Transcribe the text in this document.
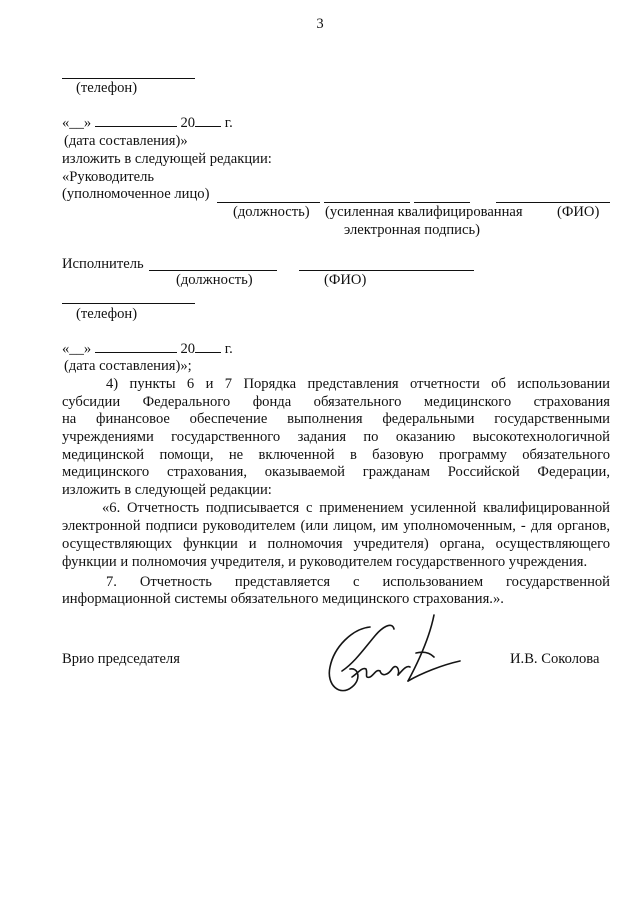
3
(телефон)
«__»	20 г.
(дата составления)»
изложить в следующей редакции:
«Руководитель
(уполномоченное лицо)
(должность) (усиленная квалифицированная (ФИО)
электронная подпись)
Исполнитель
(должность)	(ФИО)
(телефон)
«__»	20 г.
(дата составления)»;
4) пункты 6 и 7 Порядка представления отчетности об использовании
субсидии Федерального фонда обязательного медицинского страхования
на финансовое обеспечение выполнения федеральными государственными
учреждениями государственного задания по оказанию высокотехнологичной
медицинской помощи, не включенной в базовую программу обязательного
медицинского страхования, оказываемой гражданам Российской Федерации,
изложить в следующей редакции:
«6. Отчетность подписывается с применением усиленной квалифицированной
электронной подписи руководителем (или лицом, им уполномоченным, - для органов,
осуществляющих функции и полномочия учредителя) органа, осуществляющего
функции и полномочия учредителя, и руководителем государственного учреждения.
7. Отчетность представляется с использованием государственной
информационной системы обязательного медицинского страхования.».
Врио председателя	И.В. Соколова
